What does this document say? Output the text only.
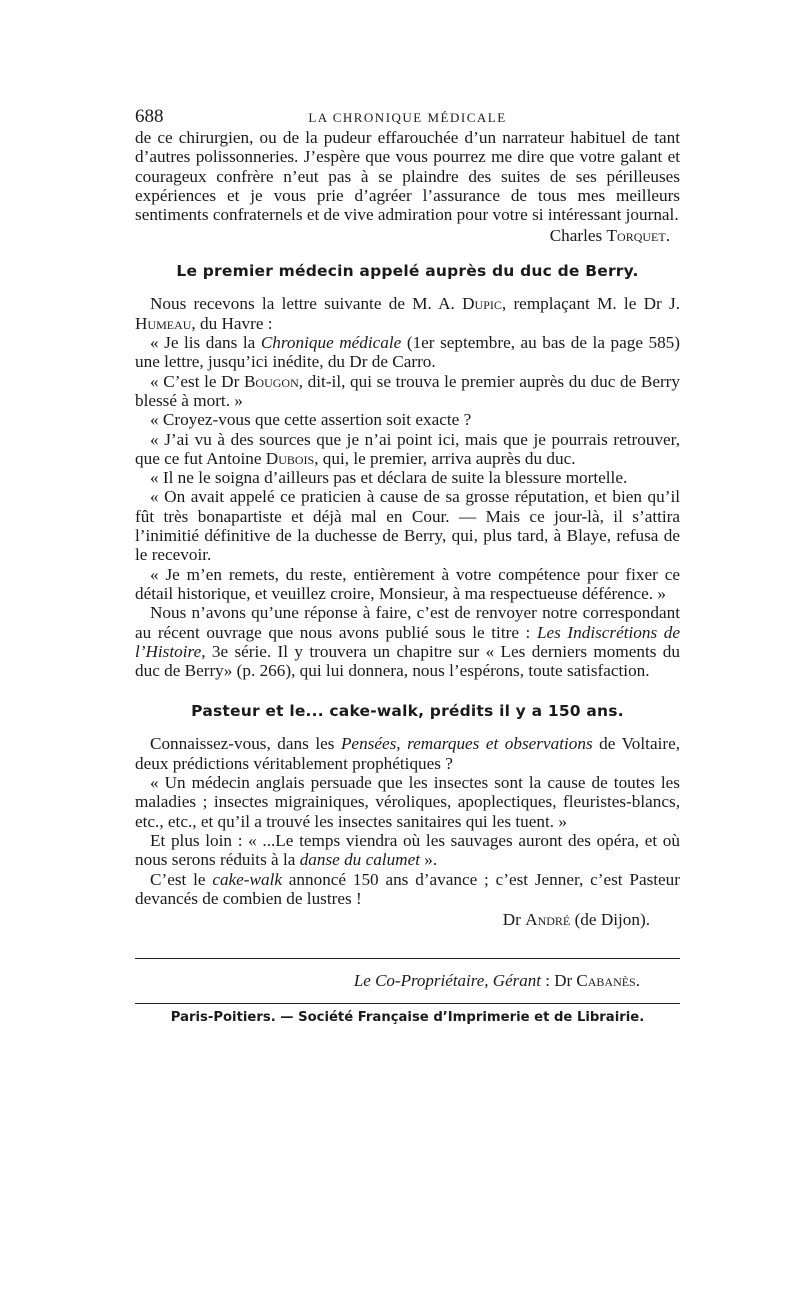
688	LA CHRONIQUE MÉDICALE

de ce chirurgien, ou de la pudeur effarouchée d’un narrateur habituel de tant d’autres polissonneries. J’espère que vous pourrez me dire que votre galant et courageux confrère n’eut pas à se plaindre des suites de ses périlleuses expériences et je vous prie d’agréer l’assurance de tous mes meilleurs sentiments confraternels et de vive admiration pour votre si intéressant journal.

Charles Torquet.
Le premier médecin appelé auprès du duc de Berry.

Nous recevons la lettre suivante de M. A. Dupic, remplaçant M. le Dr J. Humeau, du Havre :

« Je lis dans la Chronique médicale (1er septembre, au bas de la page 585) une lettre, jusqu’ici inédite, du Dr de Carro.

« C’est le Dr Bougon, dit-il, qui se trouva le premier auprès du duc de Berry blessé à mort. »

« Croyez-vous que cette assertion soit exacte ?

« J’ai vu à des sources que je n’ai point ici, mais que je pourrais retrouver, que ce fut Antoine Dubois, qui, le premier, arriva auprès du duc.

« Il ne le soigna d’ailleurs pas et déclara de suite la blessure mortelle.

« On avait appelé ce praticien à cause de sa grosse réputation, et bien qu’il fût très bonapartiste et déjà mal en Cour. — Mais ce jour-là, il s’attira l’inimitié définitive de la duchesse de Berry, qui, plus tard, à Blaye, refusa de le recevoir.

« Je m’en remets, du reste, entièrement à votre compétence pour fixer ce détail historique, et veuillez croire, Monsieur, à ma respectueuse déférence. »

Nous n’avons qu’une réponse à faire, c’est de renvoyer notre correspondant au récent ouvrage que nous avons publié sous le titre : Les Indiscrétions de l’Histoire, 3e série. Il y trouvera un chapitre sur « Les derniers moments du duc de Berry» (p. 266), qui lui donnera, nous l’espérons, toute satisfaction.

Pasteur et le... cake-walk, prédits il y a 150 ans.

Connaissez-vous, dans les Pensées, remarques et observations de Voltaire, deux prédictions véritablement prophétiques ?

« Un médecin anglais persuade que les insectes sont la cause de toutes les maladies ; insectes migrainiques, véroliques, apoplectiques, fleuristes-blancs, etc., etc., et qu’il a trouvé les insectes sanitaires qui les tuent. »

Et plus loin : « ...Le temps viendra où les sauvages auront des opéra, et où nous serons réduits à la danse du calumet ».

C’est le cake-walk annoncé 150 ans d’avance ; c’est Jenner, c’est Pasteur devancés de combien de lustres !

Dr André (de Dijon).
Le Co-Propriétaire, Gérant : Dr Cabanès.
Paris-Poitiers. — Société Française d’Imprimerie et de Librairie.
